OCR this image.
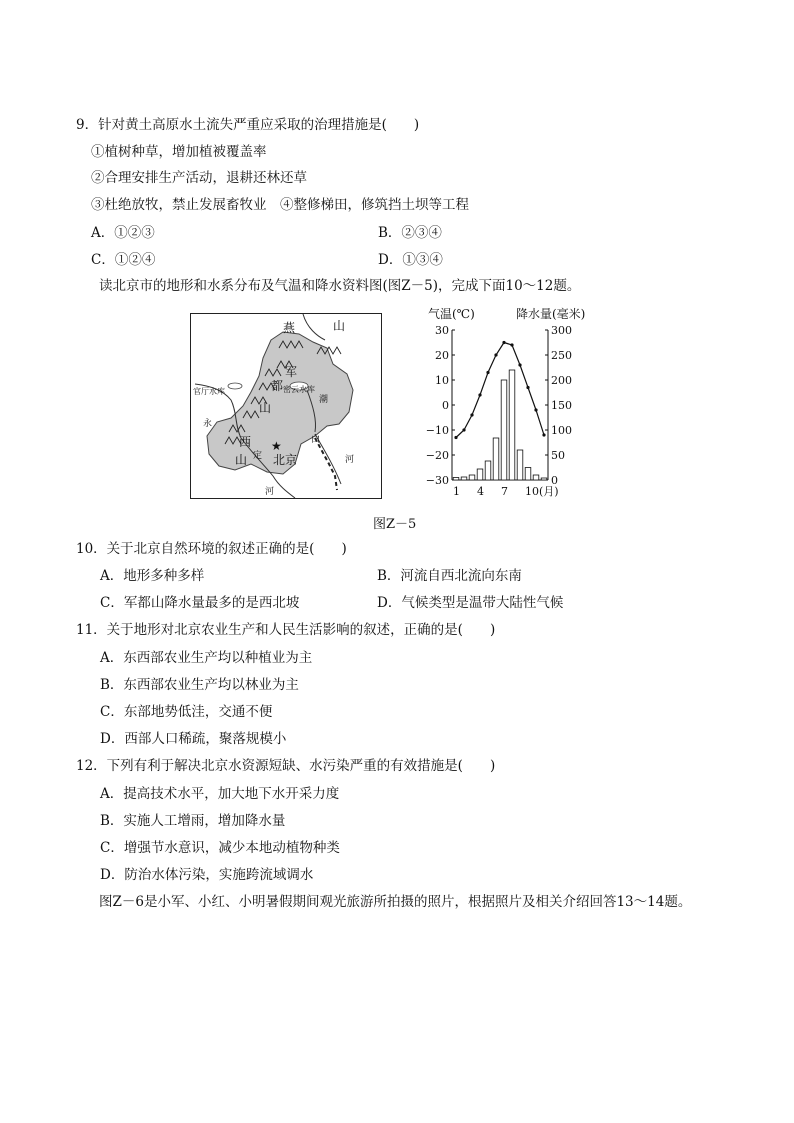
9．针对黄土高原水土流失严重应采取的治理措施是(　　)
①植树种草，增加植被覆盖率
②合理安排生产活动，退耕还林还草
③杜绝放牧，禁止发展畜牧业　④整修梯田，修筑挡土坝等工程
A．①②③	B．②③④
C．①②④	D．①③④
读北京市的地形和水系分布及气温和降水资料图(图Z－5)，完成下面10～12题。
燕	山
军
都
山
官厅水库	密云水库
潮
白
永
西
山 定
★
北京	河
河
气温(℃)	降水量(毫米)
30
20
10
0
−10
−20
−30
300
250
200
150
100
50
0
1 4 7 10(月)
图Z－5
10．关于北京自然环境的叙述正确的是(　　)
A．地形多种多样	B．河流自西北流向东南
C．军都山降水量最多的是西北坡	D．气候类型是温带大陆性气候
11．关于地形对北京农业生产和人民生活影响的叙述，正确的是(　　)
A．东西部农业生产均以种植业为主
B．东西部农业生产均以林业为主
C．东部地势低洼，交通不便
D．西部人口稀疏，聚落规模小
12．下列有利于解决北京水资源短缺、水污染严重的有效措施是(　　)
A．提高技术水平，加大地下水开采力度
B．实施人工增雨，增加降水量
C．增强节水意识，减少本地动植物种类
D．防治水体污染，实施跨流域调水
图Z－6是小军、小红、小明暑假期间观光旅游所拍摄的照片，根据照片及相关介绍回答13～14题。
